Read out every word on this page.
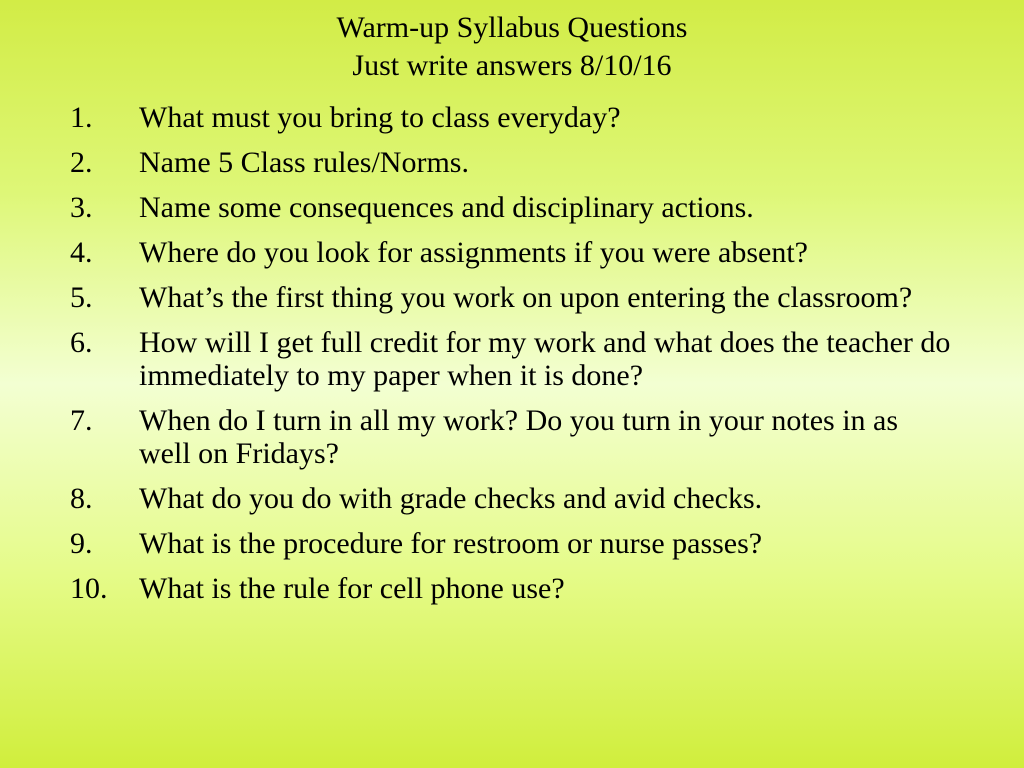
Warm-up Syllabus Questions
Just write answers 8/10/16
1. What must you bring to class everyday?
2. Name 5 Class rules/Norms.
3. Name some consequences and disciplinary actions.
4. Where do you look for assignments if you were absent?
5. What’s the first thing you work on upon entering the classroom?
6. How will I get full credit for my work and what does the teacher do immediately to my paper when it is done?
7. When do I turn in all my work? Do you turn in your notes in as well on Fridays?
8. What do you do with grade checks and avid checks.
9. What is the procedure for restroom or nurse passes?
10. What is the rule for cell phone use?
